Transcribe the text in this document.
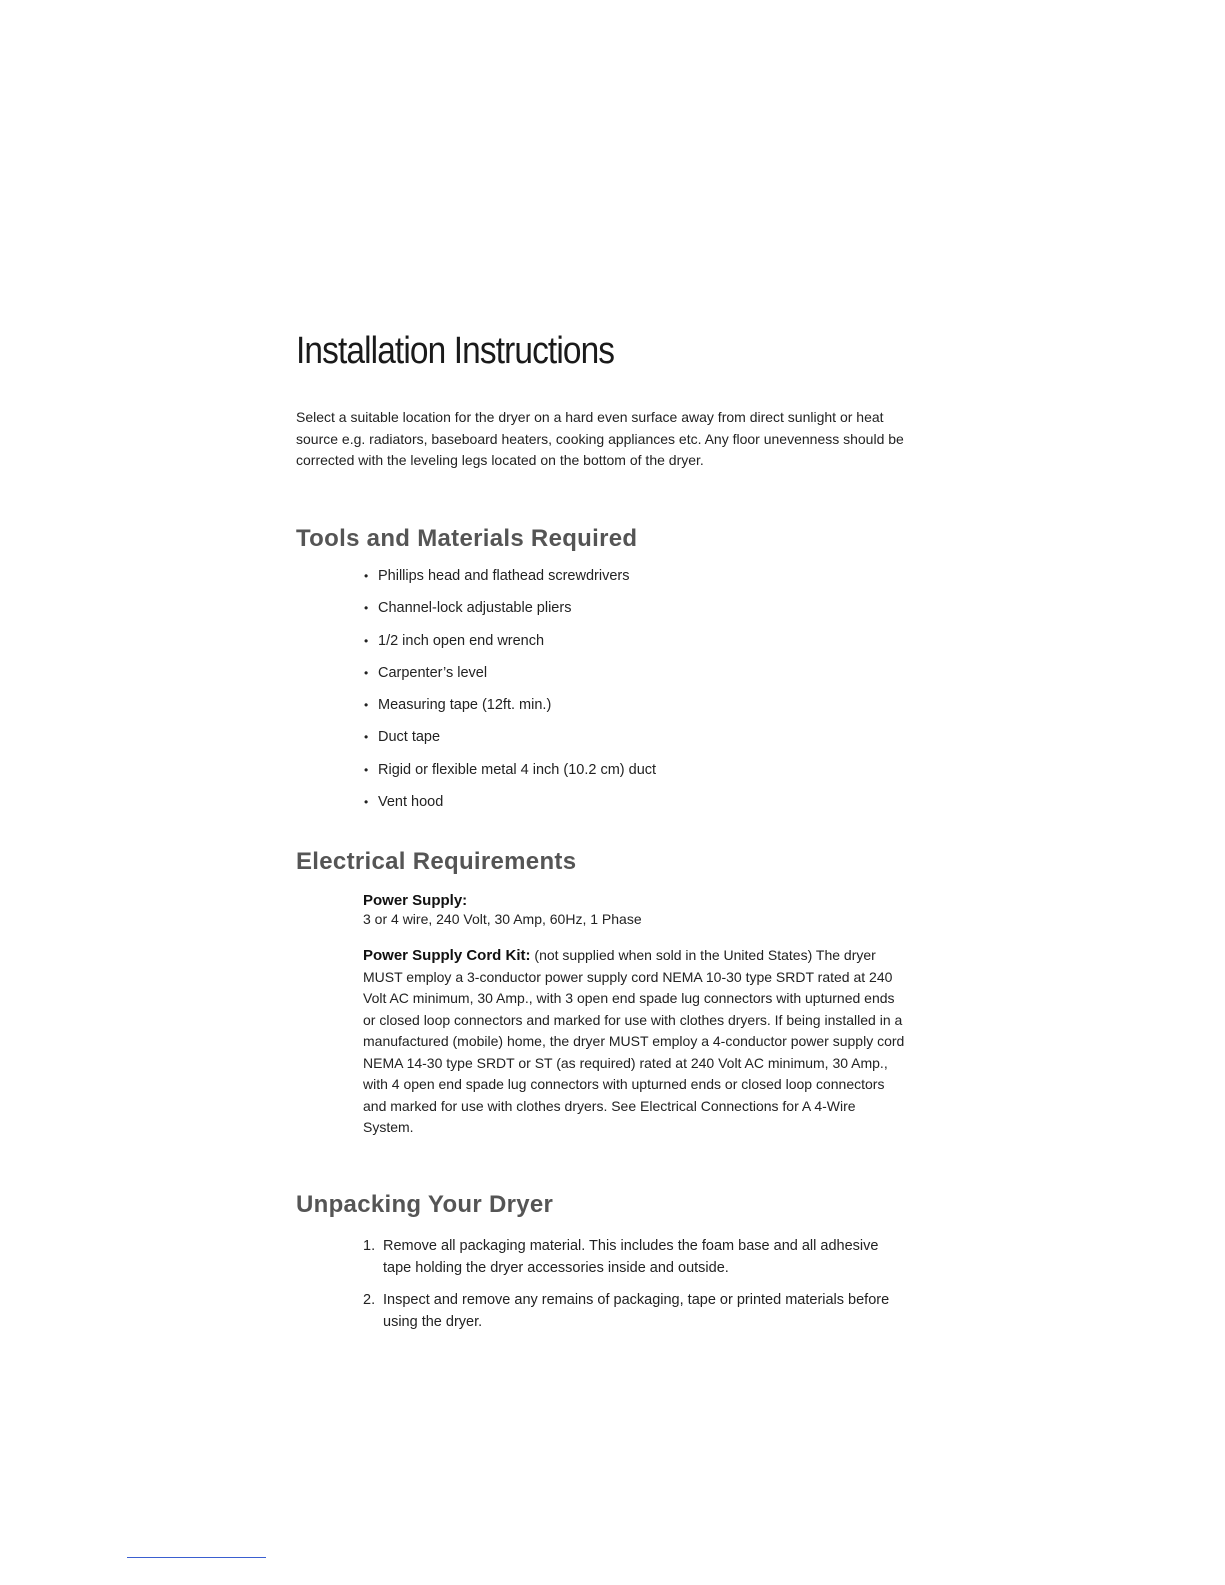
Installation Instructions

Select a suitable location for the dryer on a hard even surface away from direct sunlight or heat source e.g. radiators, baseboard heaters, cooking appliances etc. Any floor unevenness should be corrected with the leveling legs located on the bottom of the dryer.

Tools and Materials Required
• Phillips head and flathead screwdrivers
• Channel-lock adjustable pliers
• 1/2 inch open end wrench
• Carpenter’s level
• Measuring tape (12ft. min.)
• Duct tape
• Rigid or flexible metal 4 inch (10.2 cm) duct
• Vent hood
Electrical Requirements
Power Supply:

3 or 4 wire, 240 Volt, 30 Amp, 60Hz, 1 Phase

Power Supply Cord Kit: (not supplied when sold in the United States) The dryer MUST employ a 3-conductor power supply cord NEMA 10-30 type SRDT rated at 240 Volt AC minimum, 30 Amp., with 3 open end spade lug connectors with upturned ends or closed loop connectors and marked for use with clothes dryers. If being installed in a manufactured (mobile) home, the dryer MUST employ a 4-conductor power supply cord NEMA 14-30 type SRDT or ST (as required) rated at 240 Volt AC minimum, 30 Amp., with 4 open end spade lug connectors with upturned ends or closed loop connectors and marked for use with clothes dryers. See Electrical Connections for A 4-Wire System.

Unpacking Your Dryer
1. Remove all packaging material. This includes the foam base and all adhesive tape holding the dryer accessories inside and outside.
2. Inspect and remove any remains of packaging, tape or printed materials before using the dryer.
